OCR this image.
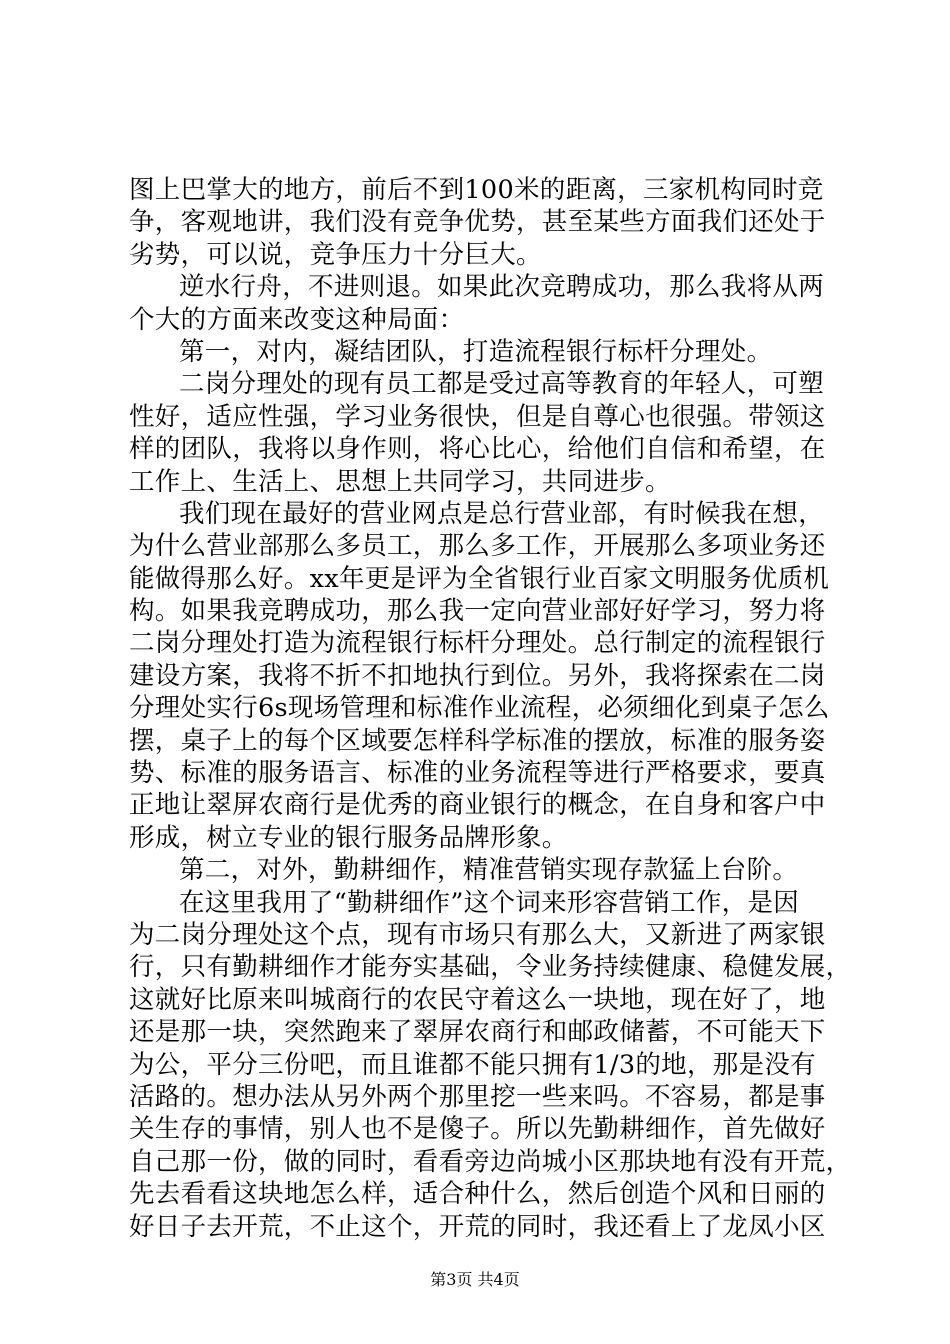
图上巴掌大的地方，前后不到100米的距离，三家机构同时竞
争，客观地讲，我们没有竞争优势，甚至某些方面我们还处于
劣势，可以说，竞争压力十分巨大。
逆水行舟，不进则退。如果此次竞聘成功，那么我将从两
个大的方面来改变这种局面：
第一，对内，凝结团队，打造流程银行标杆分理处。
二岗分理处的现有员工都是受过高等教育的年轻人，可塑
性好，适应性强，学习业务很快，但是自尊心也很强。带领这
样的团队，我将以身作则，将心比心，给他们自信和希望，在
工作上、生活上、思想上共同学习，共同进步。
我们现在最好的营业网点是总行营业部，有时候我在想，
为什么营业部那么多员工，那么多工作，开展那么多项业务还
能做得那么好。xx年更是评为全省银行业百家文明服务优质机
构。如果我竞聘成功，那么我一定向营业部好好学习，努力将
二岗分理处打造为流程银行标杆分理处。总行制定的流程银行
建设方案，我将不折不扣地执行到位。另外，我将探索在二岗
分理处实行6s现场管理和标准作业流程，必须细化到桌子怎么
摆，桌子上的每个区域要怎样科学标准的摆放，标准的服务姿
势、标准的服务语言、标准的业务流程等进行严格要求，要真
正地让翠屏农商行是优秀的商业银行的概念，在自身和客户中
形成，树立专业的银行服务品牌形象。
第二，对外，勤耕细作，精准营销实现存款猛上台阶。
在这里我用了“勤耕细作”这个词来形容营销工作，是因
为二岗分理处这个点，现有市场只有那么大，又新进了两家银
行，只有勤耕细作才能夯实基础，令业务持续健康、稳健发展，
这就好比原来叫城商行的农民守着这么一块地，现在好了，地
还是那一块，突然跑来了翠屏农商行和邮政储蓄，不可能天下
为公，平分三份吧，而且谁都不能只拥有1/3的地，那是没有
活路的。想办法从另外两个那里挖一些来吗。不容易，都是事
关生存的事情，别人也不是傻子。所以先勤耕细作，首先做好
自己那一份，做的同时，看看旁边尚城小区那块地有没有开荒，
先去看看这块地怎么样，适合种什么，然后创造个风和日丽的
好日子去开荒，不止这个，开荒的同时，我还看上了龙凤小区
第3页 共4页
